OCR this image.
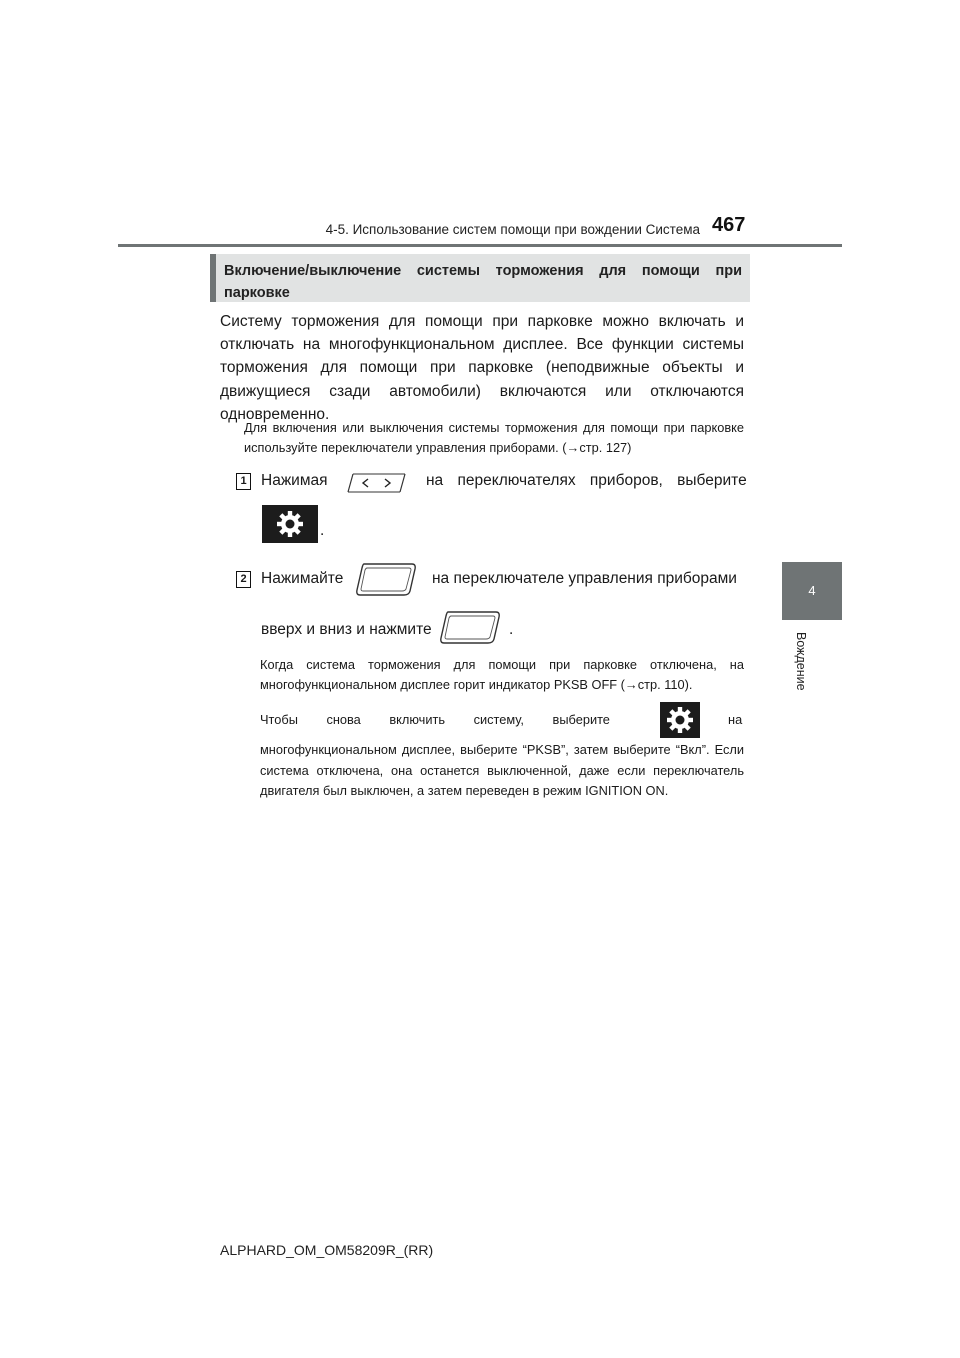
4-5. Использование систем помощи при вождении Система 467
4
Вождение
Включение/выключение системы торможения для помощи при парковке
Систему торможения для помощи при парковке можно включать и отключать на многофункциональном дисплее. Все функции системы торможения для помощи при парковке (неподвижные объекты и движущиеся сзади автомобили) включаются или отключаются одновременно.
Для включения или выключения системы торможения для помощи при парковке используйте переключатели управления приборами. (→стр. 127)
1 Нажимая	на переключателях приборов, выберите
.
2 Нажимайте	на переключателе управления приборами
вверх и вниз и нажмите	.
Когда система торможения для помощи при парковке отключена, на многофункциональном дисплее горит индикатор PKSB OFF (→стр. 110).
Чтобы снова включить систему, выберите	на
многофункциональном дисплее, выберите “PKSB”, затем выберите “Вкл”. Если система отключена, она останется выключенной, даже если переключатель двигателя был выключен, а затем переведен в режим IGNITION ON.
ALPHARD_OM_OM58209R_(RR)
